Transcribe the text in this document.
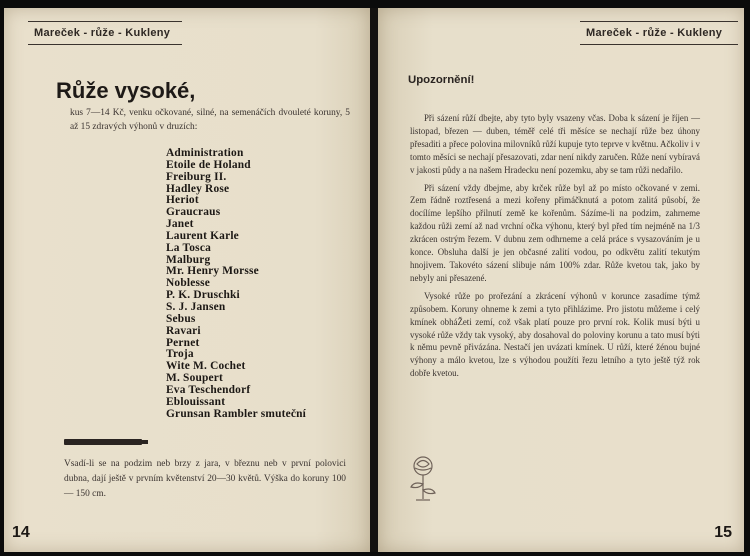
Mareček - růže - Kukleny
Růže vysoké,
kus 7—14 Kč, venku očkované, silné, na semenáčích dvouleté koruny, 5 až 15 zdravých výhonů v druzích:
Administration
Etoile de Holand
Freiburg II.
Hadley Rose
Heriot
Grauсraus
Janet
Laurent Karle
La Tosca
Malburg
Mr. Henry Morsse
Noblesse
P. K. Druschki
S. J. Jansen
Sebus
Ravari
Pernet
Troja
Wite M. Cochet
M. Soupert
Eva Teschendorf
Eblouissant
Grunsan Rambler smuteční
Vsadí-li se na podzim neb brzy z jara, v březnu neb v první polovici dubna, dají ještě v prvním květenství 20—30 květů. Výška do koruny 100 — 150 cm.
14
Mareček - růže - Kukleny
Upozornění!

Při sázení růží dbejte, aby tyto byly vsazeny včas. Doba k sázení je říjen — listopad, březen — duben, téměř celé tři měsíce se nechají růže bez úhony přesaditi a přece polovina milovníků růží kupuje tyto teprve v květnu. Ačkoliv i v tomto měsíci se nechají přesazovati, zdar není nikdy zaručen. Růže není vybíravá v jakosti půdy a na našem Hradecku není pozemku, aby se tam růži nedařilo.

Při sázení vždy dbejme, aby krček růže byl až po místo očkované v zemi. Zem řádně roztřesená a mezi kořeny přimáčknutá a potom zalitá působí, že docílíme lepšího přilnutí země ke kořenům. Sázíme-li na podzim, zahrneme každou růži zemí až nad vrchní očka výhonu, který byl před tím nejméně na 1/3 zkrácen ostrým řezem. V dubnu zem odhrneme a celá práce s vysazováním je u konce. Obsluha další je jen občasné zalití vodou, po odkvětu zalití tekutým hnojivem. Takovéto sázení slibuje nám 100% zdar. Růže kvetou tak, jako by nebyly ani přesazené.

Vysoké růže po prořezání a zkrácení výhonů v korunce zasadíme týmž způsobem. Koruny ohneme k zemi a tyto přihlázime. Pro jistotu můžeme i celý kmínek obháŽeti zemí, což však platí pouze pro první rok. Kolik musí býti u vysoké růže vždy tak vysoký, aby dosahoval do poloviny korunu a tato musí býti k němu pevně přivázána. Nestačí jen uvázati kmínek. U růží, které žénou bujné výhony a málo kvetou, lze s výhodou použíti řezu letního a tyto ještě týž rok dobře kvetou.

15
